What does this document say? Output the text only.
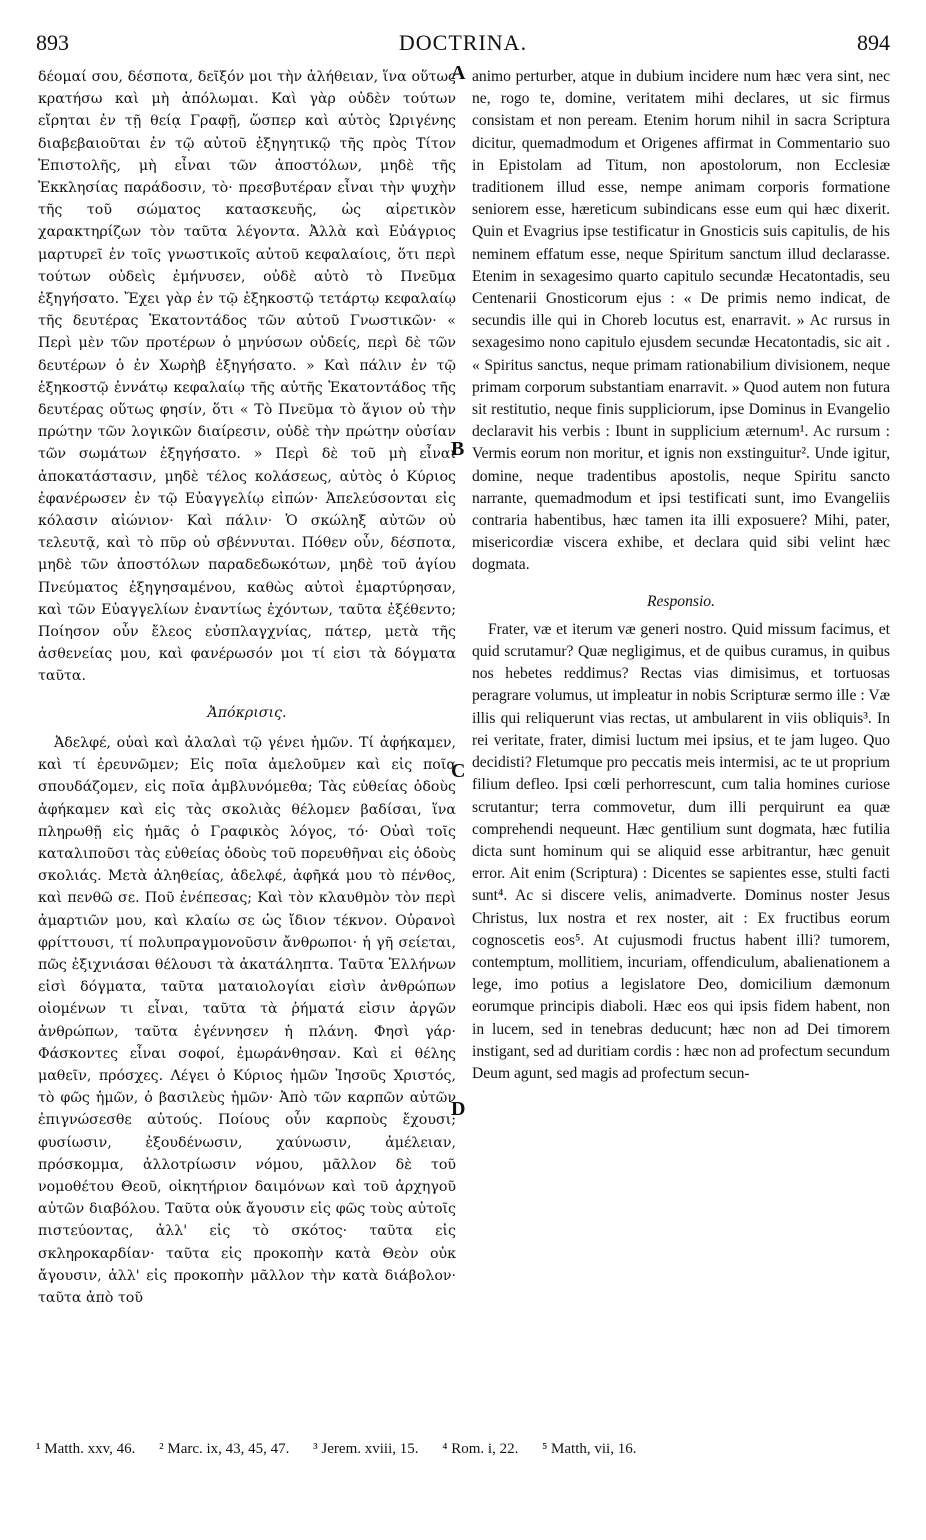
893	DOCTRINA.	894

δέομαί σου, δέσποτα, δεῖξόν μοι τὴν ἀλήθειαν, ἵνα οὕτως κρατήσω καὶ μὴ ἀπόλωμαι. Καὶ γὰρ οὐδὲν τούτων εἴρηται ἐν τῇ θείᾳ Γραφῇ, ὥσπερ καὶ αὐτὸς Ὠριγένης διαβεβαιοῦται ἐν τῷ αὐτοῦ ἐξηγητικῷ τῆς πρὸς Τίτον Ἐπιστολῆς, μὴ εἶναι τῶν ἀποστόλων, μηδὲ τῆς Ἐκκλησίας παράδοσιν, τὸ· πρεσβυτέραν εἶναι τὴν ψυχὴν τῆς τοῦ σώματος κατασκευῆς, ὡς αἱρετικὸν χαρακτηρίζων τὸν ταῦτα λέγοντα. Ἀλλὰ καὶ Εὐάγριος μαρτυρεῖ ἐν τοῖς γνωστικοῖς αὐτοῦ κεφαλαίοις, ὅτι περὶ τούτων οὐδεὶς ἐμήνυσεν, οὐδὲ αὐτὸ τὸ Πνεῦμα ἐξηγήσατο. Ἔχει γὰρ ἐν τῷ ἑξηκοστῷ τετάρτῳ κεφαλαίῳ τῆς δευτέρας Ἑκατοντάδος τῶν αὐτοῦ Γνωστικῶν· « Περὶ μὲν τῶν προτέρων ὁ μηνύσων οὐδείς, περὶ δὲ τῶν δευτέρων ὁ ἐν Χωρὴβ ἐξηγήσατο. » Καὶ πάλιν ἐν τῷ ἑξηκοστῷ ἐννάτῳ κεφαλαίῳ τῆς αὐτῆς Ἑκατοντάδος τῆς δευτέρας οὕτως φησίν, ὅτι « Τὸ Πνεῦμα τὸ ἅγιον οὐ τὴν πρώτην τῶν λογικῶν διαίρεσιν, οὐδὲ τὴν πρώτην οὐσίαν τῶν σωμάτων ἐξηγήσατο. » Περὶ δὲ τοῦ μὴ εἶναι ἀποκατάστασιν, μηδὲ τέλος κολάσεως, αὐτὸς ὁ Κύριος ἐφανέρωσεν ἐν τῷ Εὐαγγελίῳ εἰπών· Ἀπελεύσονται εἰς κόλασιν αἰώνιον· Καὶ πάλιν· Ὁ σκώληξ αὐτῶν οὐ τελευτᾷ, καὶ τὸ πῦρ οὐ σβέννυται. Πόθεν οὖν, δέσποτα, μηδὲ τῶν ἀποστόλων παραδεδωκότων, μηδὲ τοῦ ἁγίου Πνεύματος ἐξηγησαμένου, καθὼς αὐτοὶ ἐμαρτύρησαν, καὶ τῶν Εὐαγγελίων ἐναντίως ἐχόντων, ταῦτα ἐξέθεντο; Ποίησον οὖν ἔλεος εὐσπλαγχνίας, πάτερ, μετὰ τῆς ἀσθενείας μου, καὶ φανέρωσόν μοι τί εἰσι τὰ δόγματα ταῦτα.

Ἀπόκρισις.

Ἀδελφέ, οὐαὶ καὶ ἀλαλαὶ τῷ γένει ἡμῶν. Τί ἀφήκαμεν, καὶ τί ἐρευνῶμεν; Εἰς ποῖα ἀμελοῦμεν καὶ εἰς ποῖα σπουδάζομεν, εἰς ποῖα ἀμβλυνόμεθα; Τὰς εὐθείας ὁδοὺς ἀφήκαμεν καὶ εἰς τὰς σκολιὰς θέλομεν βαδίσαι, ἵνα πληρωθῇ εἰς ἡμᾶς ὁ Γραφικὸς λόγος, τό· Οὐαὶ τοῖς καταλιποῦσι τὰς εὐθείας ὁδοὺς τοῦ πορευθῆναι εἰς ὁδοὺς σκολιάς. Μετὰ ἀληθείας, ἀδελφέ, ἀφῆκά μου τὸ πένθος, καὶ πενθῶ σε. Ποῦ ἐνέπεσας; Καὶ τὸν κλαυθμὸν τὸν περὶ ἁμαρτιῶν μου, καὶ κλαίω σε ὡς ἴδιον τέκνον. Οὐρανοὶ φρίττουσι, τί πολυπραγμονοῦσιν ἄνθρωποι· ἡ γῆ σείεται, πῶς ἐξιχνιάσαι θέλουσι τὰ ἀκατάληπτα. Ταῦτα Ἑλλήνων εἰσὶ δόγματα, ταῦτα ματαιολογίαι εἰσὶν ἀνθρώπων οἰομένων τι εἶναι, ταῦτα τὰ ῥήματά εἰσιν ἀργῶν ἀνθρώπων, ταῦτα ἐγέννησεν ἡ πλάνη. Φησὶ γάρ· Φάσκοντες εἶναι σοφοί, ἐμωράνθησαν. Καὶ εἰ θέλης μαθεῖν, πρόσχες. Λέγει ὁ Κύριος ἡμῶν Ἰησοῦς Χριστός, τὸ φῶς ἡμῶν, ὁ βασιλεὺς ἡμῶν· Ἀπὸ τῶν καρπῶν αὐτῶν ἐπιγνώσεσθε αὐτούς. Ποίους οὖν καρποὺς ἔχουσι; φυσίωσιν, ἐξουδένωσιν, χαύνωσιν, ἀμέλειαν, πρόσκομμα, ἀλλοτρίωσιν νόμου, μᾶλλον δὲ τοῦ νομοθέτου Θεοῦ, οἰκητήριον δαιμόνων καὶ τοῦ ἀρχηγοῦ αὐτῶν διαβόλου. Ταῦτα οὐκ ἄγουσιν εἰς φῶς τοὺς αὐτοῖς πιστεύοντας, ἀλλ' εἰς τὸ σκότος· ταῦτα εἰς σκληροκαρδίαν· ταῦτα εἰς προκοπὴν κατὰ Θεὸν οὐκ ἄγουσιν, ἀλλ' εἰς προκοπὴν μᾶλλον τὴν κατὰ διάβολον· ταῦτα ἀπὸ τοῦ

animo perturber, atque in dubium incidere num hæc vera sint, nec ne, rogo te, domine, veritatem mihi declares, ut sic firmus consistam et non peream. Etenim horum nihil in sacra Scriptura dicitur, quemadmodum et Origenes affirmat in Commentario suo in Epistolam ad Titum, non apostolorum, non Ecclesiæ traditionem illud esse, nempe animam corporis formatione seniorem esse, hæreticum subindicans esse eum qui hæc dixerit. Quin et Evagrius ipse testificatur in Gnosticis suis capitulis, de his neminem effatum esse, neque Spiritum sanctum illud declarasse. Etenim in sexagesimo quarto capitulo secundæ Hecatontadis, seu Centenarii Gnosticorum ejus : « De primis nemo indicat, de secundis ille qui in Choreb locutus est, enarravit. » Ac rursus in sexagesimo nono capitulo ejusdem secundæ Hecatontadis, sic ait . « Spiritus sanctus, neque primam rationabilium divisionem, neque primam corporum substantiam enarravit. » Quod autem non futura sit restitutio, neque finis suppliciorum, ipse Dominus in Evangelio declaravit his verbis : Ibunt in supplicium æternum¹. Ac rursum : Vermis eorum non moritur, et ignis non exstinguitur². Unde igitur, domine, neque tradentibus apostolis, neque Spiritu sancto narrante, quemadmodum et ipsi testificati sunt, imo Evangeliis contraria habentibus, hæc tamen ita illi exposuere? Mihi, pater, misericordiæ viscera exhibe, et declara quid sibi velint hæc dogmata.

Responsio.

Frater, væ et iterum væ generi nostro. Quid missum facimus, et quid scrutamur? Quæ negligimus, et de quibus curamus, in quibus nos hebetes reddimus? Rectas vias dimisimus, et tortuosas peragrare volumus, ut impleatur in nobis Scripturæ sermo ille : Væ illis qui reliquerunt vias rectas, ut ambularent in viis obliquis³. In rei veritate, frater, dimisi luctum mei ipsius, et te jam lugeo. Quo decidisti? Fletumque pro peccatis meis intermisi, ac te ut proprium filium defleo. Ipsi cœli perhorrescunt, cum talia homines curiose scrutantur; terra commovetur, dum illi perquirunt ea quæ comprehendi nequeunt. Hæc gentilium sunt dogmata, hæc futilia dicta sunt hominum qui se aliquid esse arbitrantur, hæc genuit error. Ait enim (Scriptura) : Dicentes se sapientes esse, stulti facti sunt⁴. Ac si discere velis, animadverte. Dominus noster Jesus Christus, lux nostra et rex noster, ait : Ex fructibus eorum cognoscetis eos⁵. At cujusmodi fructus habent illi? tumorem, contemptum, mollitiem, incuriam, offendiculum, abalienationem a lege, imo potius a legislatore Deo, domicilium dæmonum eorumque principis diaboli. Hæc eos qui ipsis fidem habent, non in lucem, sed in tenebras deducunt; hæc non ad Dei timorem instigant, sed ad duritiam cordis : hæc non ad profectum secundum Deum agunt, sed magis ad profectum secun-

A
B
C
D
¹ Matth. xxv, 46. ² Marc. ix, 43, 45, 47. ³ Jerem. xviii, 15. ⁴ Rom. i, 22. ⁵ Matth, vii, 16.
